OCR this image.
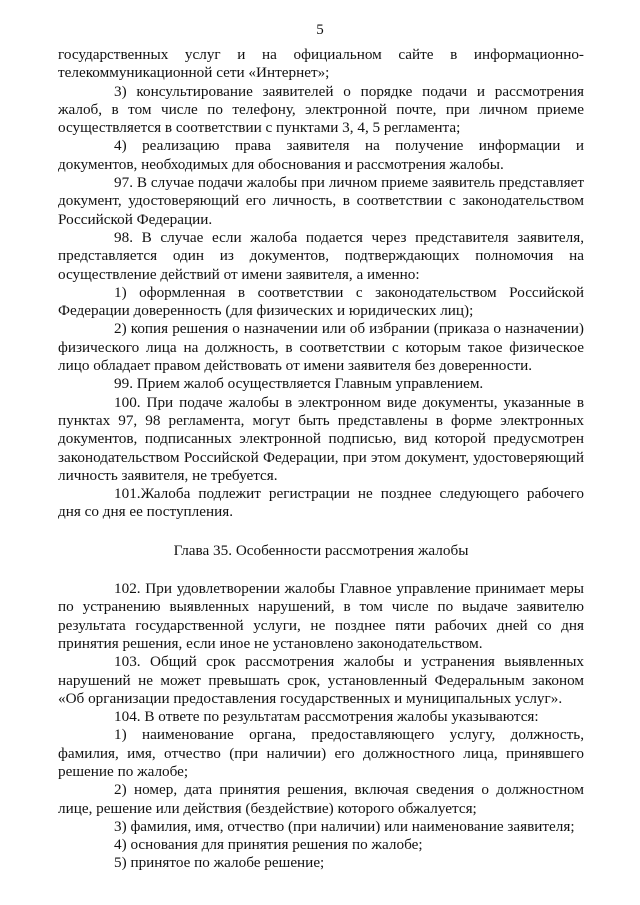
5

государственных услуг и на официальном сайте в информационно-телекоммуникационной сети «Интернет»;

3) консультирование заявителей о порядке подачи и рассмотрения жалоб, в том числе по телефону, электронной почте, при личном приеме осуществляется в соответствии с пунктами 3, 4, 5 регламента;

4) реализацию права заявителя на получение информации и документов, необходимых для обоснования и рассмотрения жалобы.

97. В случае подачи жалобы при личном приеме заявитель представляет документ, удостоверяющий его личность, в соответствии с законодательством Российской Федерации.

98. В случае если жалоба подается через представителя заявителя, представляется один из документов, подтверждающих полномочия на осуществление действий от имени заявителя, а именно:

1) оформленная в соответствии с законодательством Российской Федерации доверенность (для физических и юридических лиц);

2) копия решения о назначении или об избрании (приказа о назначении) физического лица на должность, в соответствии с которым такое физическое лицо обладает правом действовать от имени заявителя без доверенности.

99. Прием жалоб осуществляется Главным управлением.

100. При подаче жалобы в электронном виде документы, указанные в пунктах 97, 98 регламента, могут быть представлены в форме электронных документов, подписанных электронной подписью, вид которой предусмотрен законодательством Российской Федерации, при этом документ, удостоверяющий личность заявителя, не требуется.

101.Жалоба подлежит регистрации не позднее следующего рабочего дня со дня ее поступления.

Глава 35. Особенности рассмотрения жалобы

102. При удовлетворении жалобы Главное управление принимает меры по устранению выявленных нарушений, в том числе по выдаче заявителю результата государственной услуги, не позднее пяти рабочих дней со дня принятия решения, если иное не установлено законодательством.

103. Общий срок рассмотрения жалобы и устранения выявленных нарушений не может превышать срок, установленный Федеральным законом «Об организации предоставления государственных и муниципальных услуг».

104. В ответе по результатам рассмотрения жалобы указываются:

1) наименование органа, предоставляющего услугу, должность, фамилия, имя, отчество (при наличии) его должностного лица, принявшего решение по жалобе;

2) номер, дата принятия решения, включая сведения о должностном лице, решение или действия (бездействие) которого обжалуется;

3) фамилия, имя, отчество (при наличии) или наименование заявителя;

4) основания для принятия решения по жалобе;

5) принятое по жалобе решение;
